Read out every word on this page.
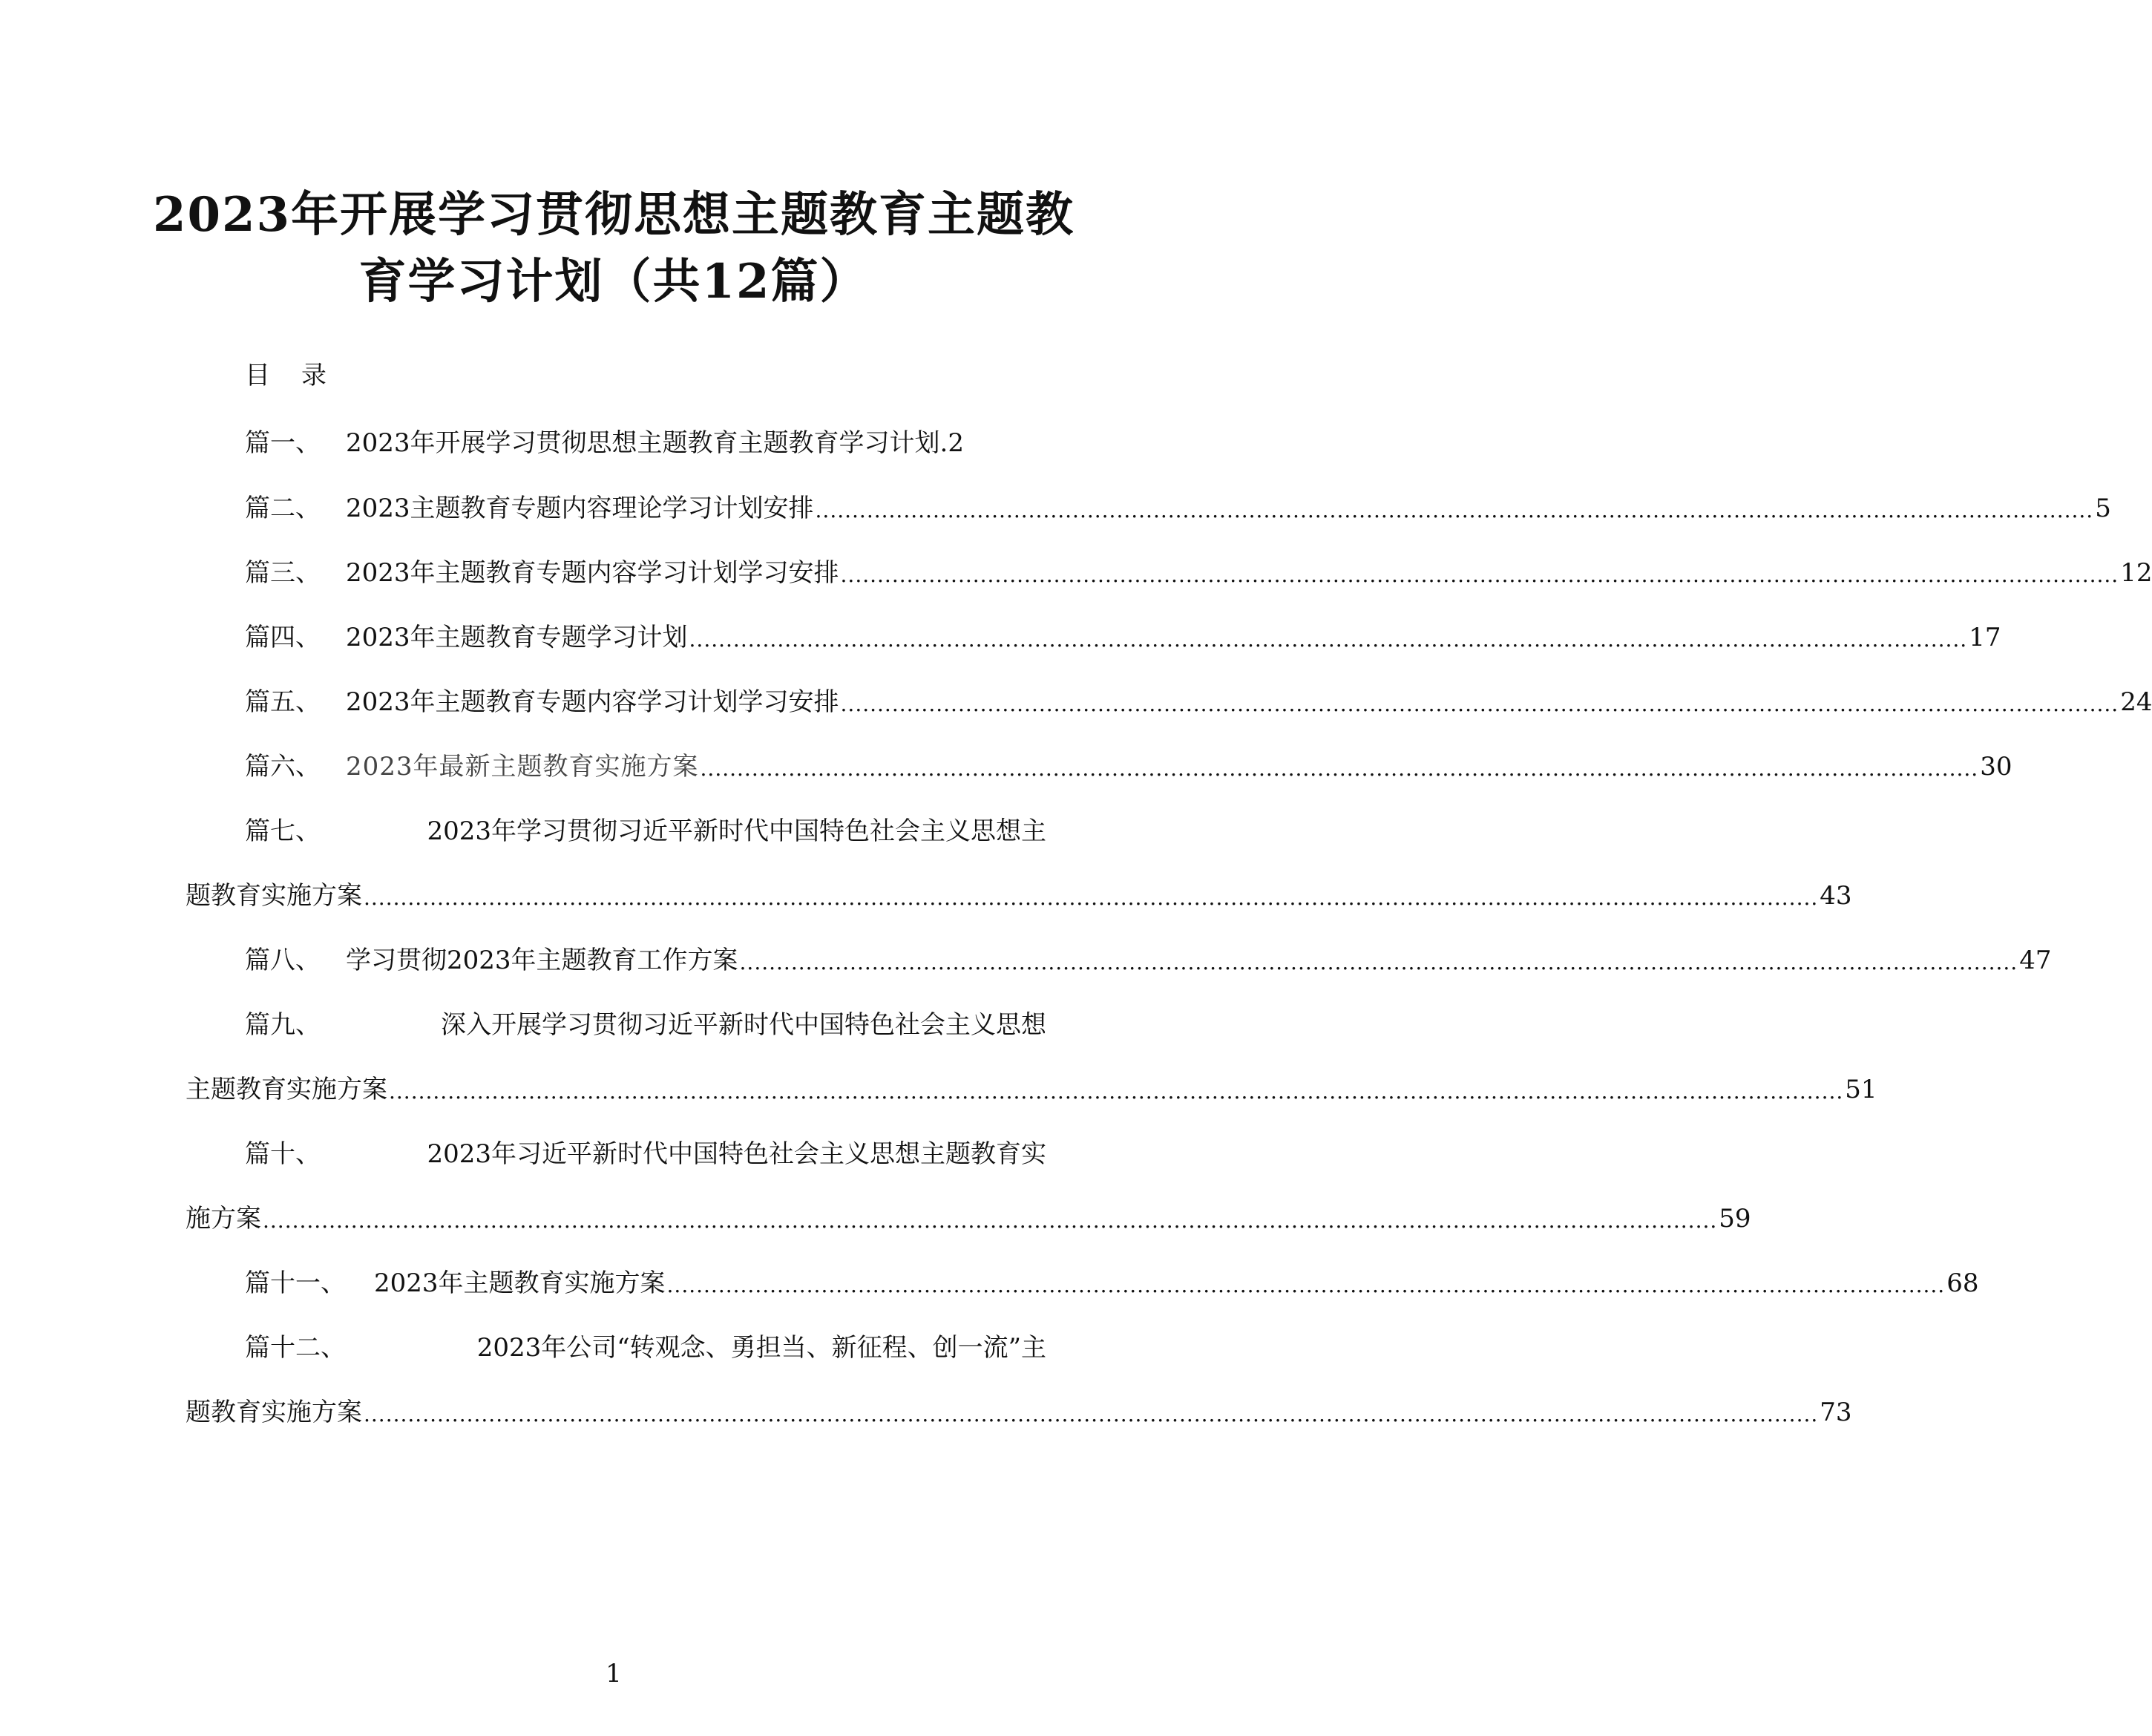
2023年开展学习贯彻思想主题教育主题教
育学习计划（共12篇）
目 录
篇一、	2023年开展学习贯彻思想主题教育主题教育学习计划 .2
篇二、	2023主题教育专题内容理论学习计划安排 .............................................................................................................................................................................. 5
篇三、	2023年主题教育专题内容学习计划学习安排 .............................................................................................................................................................................. 12
篇四、	2023年主题教育专题学习计划 .............................................................................................................................................................................. 17
篇五、	2023年主题教育专题内容学习计划学习安排 .............................................................................................................................................................................. 24
篇六、	2023年最新主题教育实施方案 .............................................................................................................................................................................. 30
篇七、	2023年学习贯彻习近平新时代中国特色社会主义思想主
题教育实施方案 ...................................................................................................................................................................................................... 43
篇八、	学习贯彻2023年主题教育工作方案 .............................................................................................................................................................................. 47
篇九、	深入开展学习贯彻习近平新时代中国特色社会主义思想
主题教育实施方案 ...................................................................................................................................................................................................... 51
篇十、	2023年习近平新时代中国特色社会主义思想主题教育实
施方案 ...................................................................................................................................................................................................... 59
篇十一、	2023年主题教育实施方案 .............................................................................................................................................................................. 68
篇十二、	2023年公司“转观念、勇担当、新征程、创一流”主
题教育实施方案 ...................................................................................................................................................................................................... 73
1
